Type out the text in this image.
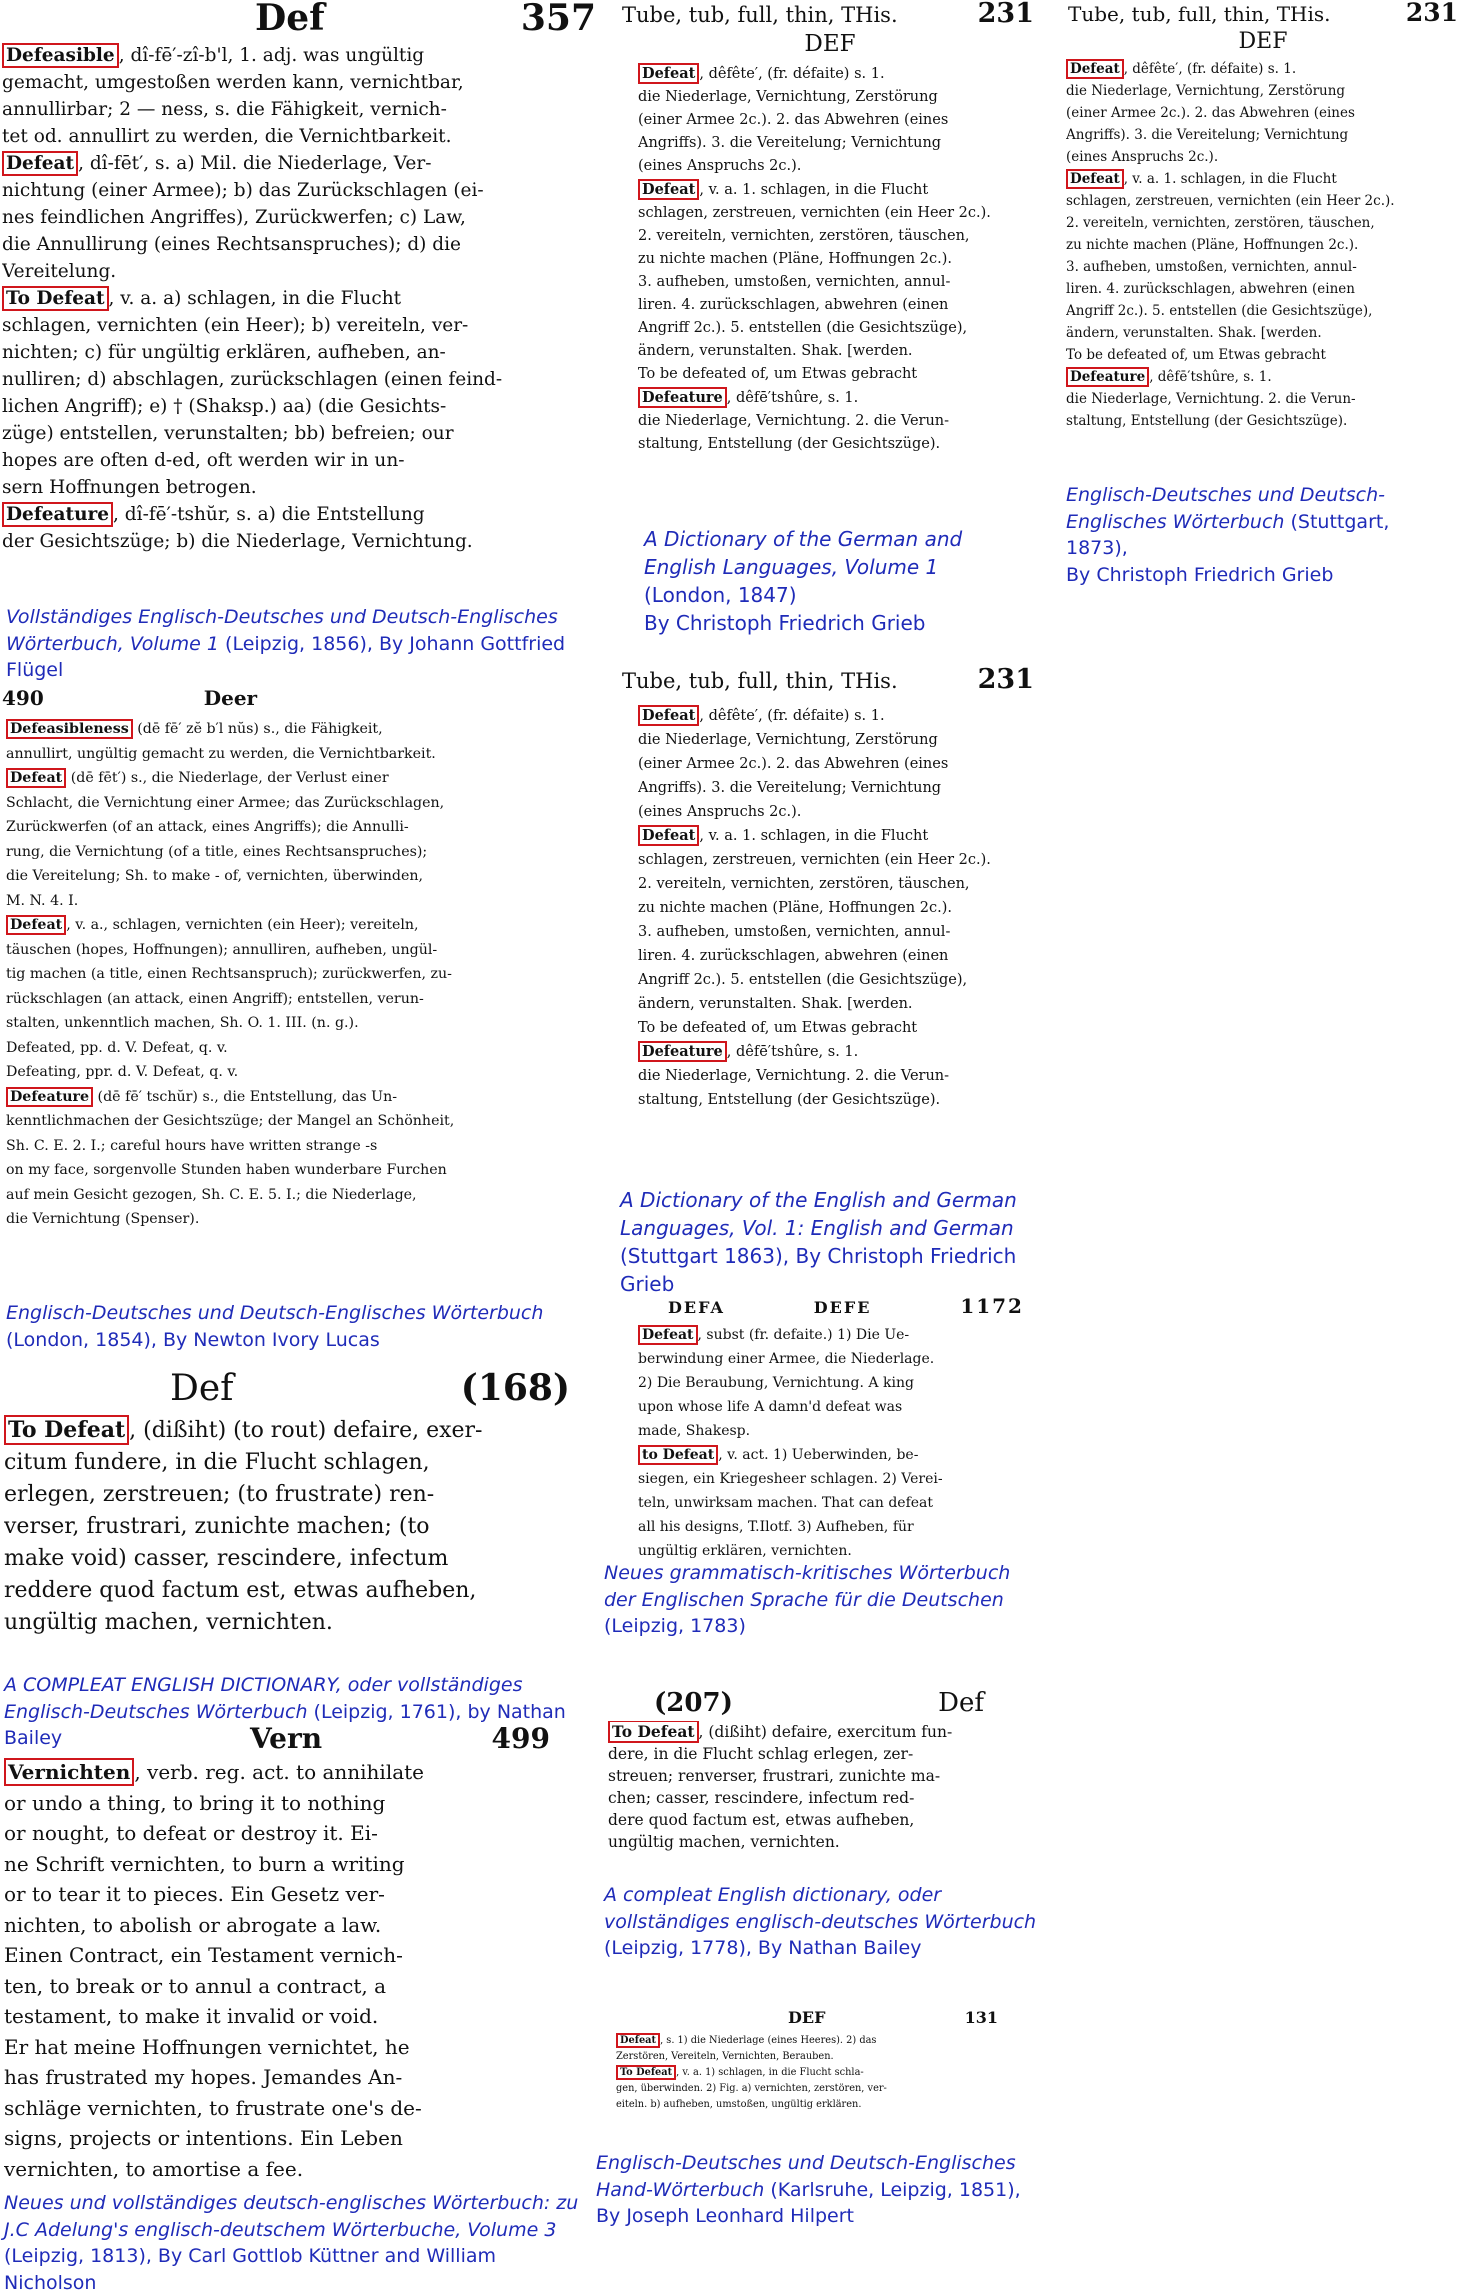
Def	357
Defeasible , dî-fē′-zî-b'l, 1. adj. was ungültig
gemacht, umgestoßen werden kann, vernichtbar,
annullirbar; 2 — ness, s. die Fähigkeit, vernich-
tet od. annullirt zu werden, die Vernichtbarkeit.
Defeat , dî-fēt′, s. a) Mil. die Niederlage, Ver-
nichtung (einer Armee); b) das Zurückschlagen (ei-
nes feindlichen Angriffes), Zurückwerfen; c) Law,
die Annullirung (eines Rechtsanspruches); d) die
Vereitelung.
To Defeat , v. a. a) schlagen, in die Flucht
schlagen, vernichten (ein Heer); b) vereiteln, ver-
nichten; c) für ungültig erklären, aufheben, an-
nulliren; d) abschlagen, zurückschlagen (einen feind-
lichen Angriff); e) † (Shaksp.) aa) (die Gesichts-
züge) entstellen, verunstalten; bb) befreien; our
hopes are often d-ed, oft werden wir in un-
sern Hoffnungen betrogen.
Defeature , dî-fē′-tshŭr, s. a) die Entstellung
der Gesichtszüge; b) die Niederlage, Vernichtung.
Vollständiges Englisch-Deutsches und Deutsch-Englisches Wörterbuch, Volume 1 (Leipzig, 1856), By Johann Gottfried Flügel
Tube, tub, full, thin, THis.	231
DEF
Defeat , dêfête′, (fr. défaite) s. 1.
die Niederlage, Vernichtung, Zerstörung
(einer Armee 2c.). 2. das Abwehren (eines
Angriffs). 3. die Vereitelung; Vernichtung
(eines Anspruchs 2c.).
Defeat , v. a. 1. schlagen, in die Flucht
schlagen, zerstreuen, vernichten (ein Heer 2c.).
2. vereiteln, vernichten, zerstören, täuschen,
zu nichte machen (Pläne, Hoffnungen 2c.).
3. aufheben, umstoßen, vernichten, annul-
liren. 4. zurückschlagen, abwehren (einen
Angriff 2c.). 5. entstellen (die Gesichtszüge),
ändern, verunstalten. Shak. [werden.
To be defeated of, um Etwas gebracht
Defeature , dêfē′tshûre, s. 1.
die Niederlage, Vernichtung. 2. die Verun-
staltung, Entstellung (der Gesichtszüge).
A Dictionary of the German and English Languages, Volume 1
(London, 1847)
By Christoph Friedrich Grieb
Tube, tub, full, thin, THis.	231
DEF
Defeat , dêfête′, (fr. défaite) s. 1.
die Niederlage, Vernichtung, Zerstörung
(einer Armee 2c.). 2. das Abwehren (eines
Angriffs). 3. die Vereitelung; Vernichtung
(eines Anspruchs 2c.).
Defeat , v. a. 1. schlagen, in die Flucht
schlagen, zerstreuen, vernichten (ein Heer 2c.).
2. vereiteln, vernichten, zerstören, täuschen,
zu nichte machen (Pläne, Hoffnungen 2c.).
3. aufheben, umstoßen, vernichten, annul-
liren. 4. zurückschlagen, abwehren (einen
Angriff 2c.). 5. entstellen (die Gesichtszüge),
ändern, verunstalten. Shak. [werden.
To be defeated of, um Etwas gebracht
Defeature , dêfē′tshûre, s. 1.
die Niederlage, Vernichtung. 2. die Verun-
staltung, Entstellung (der Gesichtszüge).
Englisch-Deutsches und Deutsch-Englisches Wörterbuch (Stuttgart, 1873),
By Christoph Friedrich Grieb
490	Deer
Defeasibleness (dē fē′ zĕ b′l nŭs) s., die Fähigkeit,
annullirt, ungültig gemacht zu werden, die Vernichtbarkeit.
Defeat (dē fēt′) s., die Niederlage, der Verlust einer
Schlacht, die Vernichtung einer Armee; das Zurückschlagen,
Zurückwerfen (of an attack, eines Angriffs); die Annulli-
rung, die Vernichtung (of a title, eines Rechtsanspruches);
die Vereitelung; Sh. to make - of, vernichten, überwinden,
M. N. 4. I.
Defeat , v. a., schlagen, vernichten (ein Heer); vereiteln,
täuschen (hopes, Hoffnungen); annulliren, aufheben, ungül-
tig machen (a title, einen Rechtsanspruch); zurückwerfen, zu-
rückschlagen (an attack, einen Angriff); entstellen, verun-
stalten, unkenntlich machen, Sh. O. 1. III. (n. g.).
Defeated, pp. d. V. Defeat, q. v.
Defeating, ppr. d. V. Defeat, q. v.
Defeature (dē fē′ tschŭr) s., die Entstellung, das Un-
kenntlichmachen der Gesichtszüge; der Mangel an Schönheit,
Sh. C. E. 2. I.; careful hours have written strange -s
on my face, sorgenvolle Stunden haben wunderbare Furchen
auf mein Gesicht gezogen, Sh. C. E. 5. I.; die Niederlage,
die Vernichtung (Spenser).
Englisch-Deutsches und Deutsch-Englisches Wörterbuch
(London, 1854), By Newton Ivory Lucas
Tube, tub, full, thin, THis.	231
Defeat , dêfête′, (fr. défaite) s. 1.
die Niederlage, Vernichtung, Zerstörung
(einer Armee 2c.). 2. das Abwehren (eines
Angriffs). 3. die Vereitelung; Vernichtung
(eines Anspruchs 2c.).
Defeat , v. a. 1. schlagen, in die Flucht
schlagen, zerstreuen, vernichten (ein Heer 2c.).
2. vereiteln, vernichten, zerstören, täuschen,
zu nichte machen (Pläne, Hoffnungen 2c.).
3. aufheben, umstoßen, vernichten, annul-
liren. 4. zurückschlagen, abwehren (einen
Angriff 2c.). 5. entstellen (die Gesichtszüge),
ändern, verunstalten. Shak. [werden.
To be defeated of, um Etwas gebracht
Defeature , dêfē′tshûre, s. 1.
die Niederlage, Vernichtung. 2. die Verun-
staltung, Entstellung (der Gesichtszüge).
A Dictionary of the English and German Languages, Vol. 1: English and German (Stuttgart 1863), By Christoph Friedrich Grieb
Def	(168)
To Defeat , (dißiht) (to rout) defaire, exer-
citum fundere, in die Flucht schlagen,
erlegen, zerstreuen; (to frustrate) ren-
verser, frustrari, zunichte machen; (to
make void) casser, rescindere, infectum
reddere quod factum est, etwas aufheben,
ungültig machen, vernichten.
A COMPLEAT ENGLISH DICTIONARY, oder vollständiges Englisch-Deutsches Wörterbuch (Leipzig, 1761), by Nathan Bailey
DEFA	DEFE	1172
Defeat , subst (fr. defaite.) 1) Die Ue-
berwindung einer Armee, die Niederlage.
2) Die Beraubung, Vernichtung. A king
upon whose life A damn'd defeat was
made, Shakesp.
to Defeat , v. act. 1) Ueberwinden, be-
siegen, ein Kriegesheer schlagen. 2) Verei-
teln, unwirksam machen. That can defeat
all his designs, T.Ilotf. 3) Aufheben, für
ungültig erklären, vernichten.
Neues grammatisch-kritisches Wörterbuch der Englischen Sprache für die Deutschen (Leipzig, 1783)
Vern	499
Vernichten , verb. reg. act. to annihilate
or undo a thing, to bring it to nothing
or nought, to defeat or destroy it. Ei-
ne Schrift vernichten, to burn a writing
or to tear it to pieces. Ein Gesetz ver-
nichten, to abolish or abrogate a law.
Einen Contract, ein Testament vernich-
ten, to break or to annul a contract, a
testament, to make it invalid or void.
Er hat meine Hoffnungen vernichtet, he
has frustrated my hopes. Jemandes An-
schläge vernichten, to frustrate one's de-
signs, projects or intentions. Ein Leben
vernichten, to amortise a fee.
Neues und vollständiges deutsch-englisches Wörterbuch: zu J.C Adelung's englisch-deutschem Wörterbuche, Volume 3 (Leipzig, 1813), By Carl Gottlob Küttner and William Nicholson
(207)	Def
To Defeat , (dißiht) defaire, exercitum fun-
dere, in die Flucht schlag erlegen, zer-
streuen; renverser, frustrari, zunichte ma-
chen; casser, rescindere, infectum red-
dere quod factum est, etwas aufheben,
ungültig machen, vernichten.
A compleat English dictionary, oder vollständiges englisch-deutsches Wörterbuch (Leipzig, 1778), By Nathan Bailey
DEF	131
Defeat , s. 1) die Niederlage (eines Heeres). 2) das
Zerstören, Vereiteln, Vernichten, Berauben.
To Defeat , v. a. 1) schlagen, in die Flucht schla-
gen, überwinden. 2) Fig. a) vernichten, zerstören, ver-
eiteln. b) aufheben, umstoßen, ungültig erklären.
Englisch-Deutsches und Deutsch-Englisches Hand-Wörterbuch (Karlsruhe, Leipzig, 1851),
By Joseph Leonhard Hilpert
